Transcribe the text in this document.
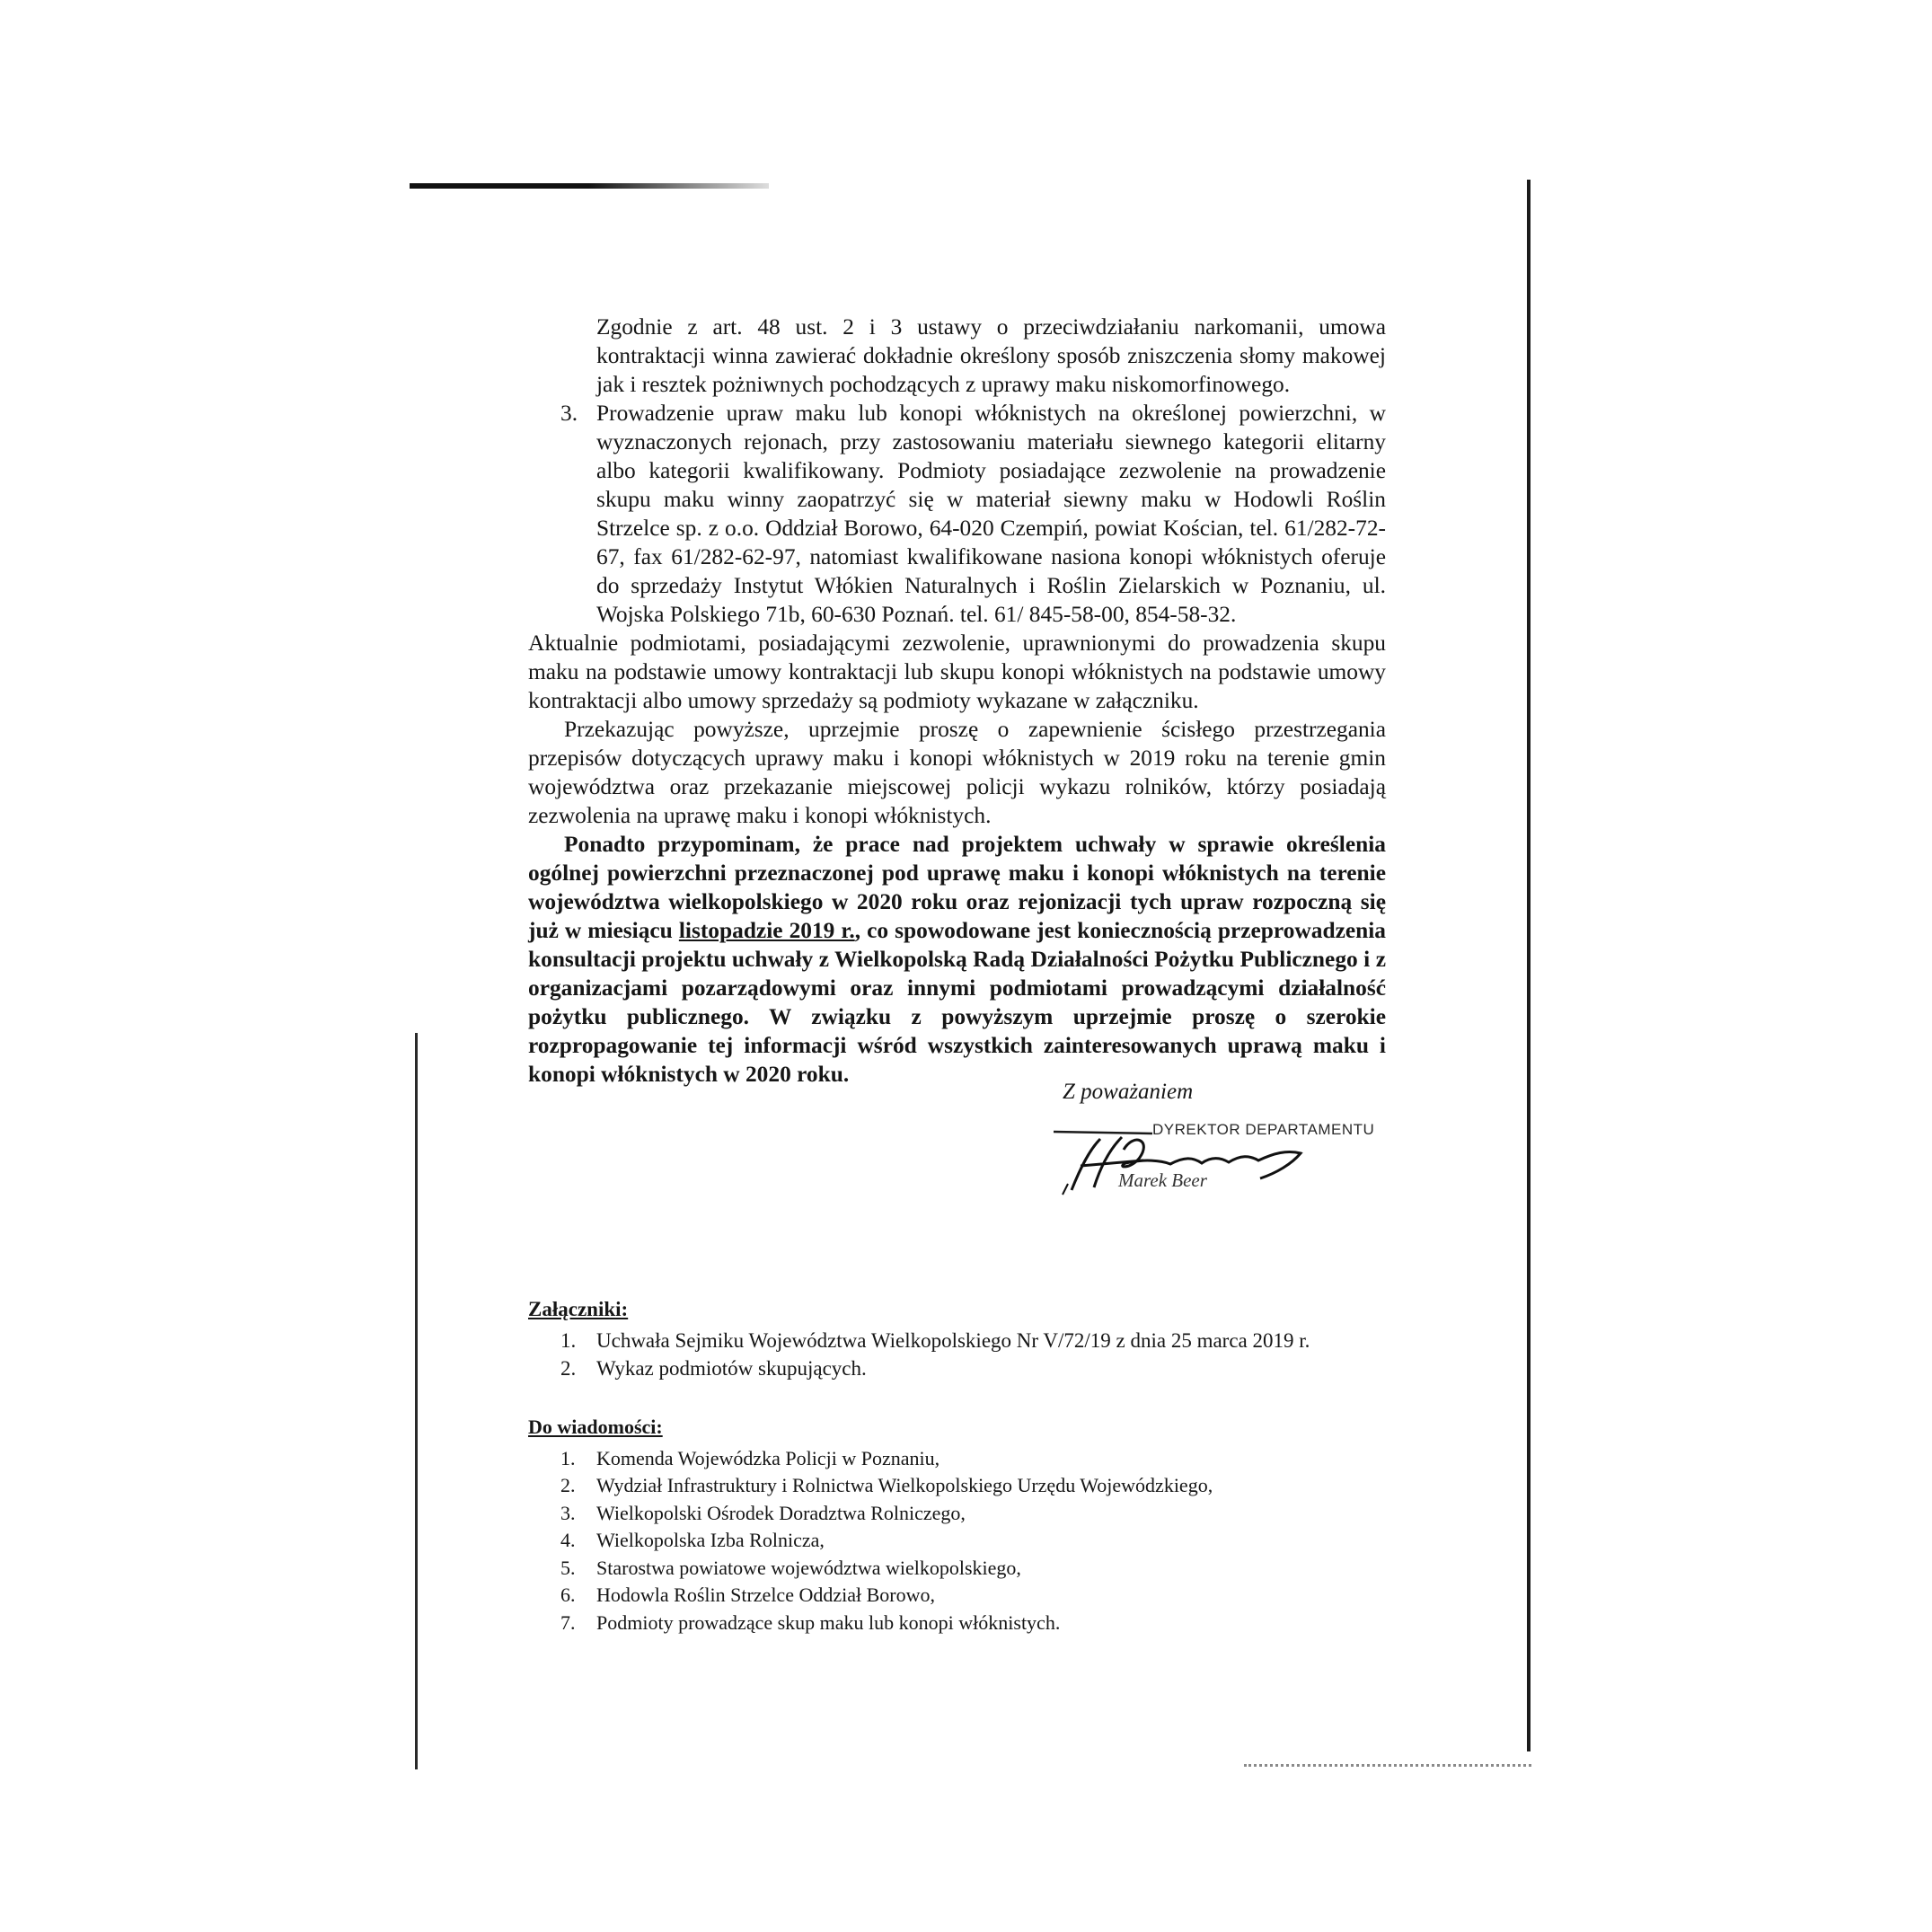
Zgodnie z art. 48 ust. 2 i 3 ustawy o przeciwdziałaniu narkomanii, umowa kontraktacji winna zawierać dokładnie określony sposób zniszczenia słomy makowej jak i resztek pożniwnych pochodzących z uprawy maku niskomorfinowego.

3. Prowadzenie upraw maku lub konopi włóknistych na określonej powierzchni, w wyznaczonych rejonach, przy zastosowaniu materiału siewnego kategorii elitarny albo kategorii kwalifikowany. Podmioty posiadające zezwolenie na prowadzenie skupu maku winny zaopatrzyć się w materiał siewny maku w Hodowli Roślin Strzelce sp. z o.o. Oddział Borowo, 64-020 Czempiń, powiat Kościan, tel. 61/282-72-67, fax 61/282-62-97, natomiast kwalifikowane nasiona konopi włóknistych oferuje do sprzedaży Instytut Włókien Naturalnych i Roślin Zielarskich w Poznaniu, ul. Wojska Polskiego 71b, 60-630 Poznań. tel. 61/ 845-58-00, 854-58-32.

Aktualnie podmiotami, posiadającymi zezwolenie, uprawnionymi do prowadzenia skupu maku na podstawie umowy kontraktacji lub skupu konopi włóknistych na podstawie umowy kontraktacji albo umowy sprzedaży są podmioty wykazane w załączniku.

Przekazując powyższe, uprzejmie proszę o zapewnienie ścisłego przestrzegania przepisów dotyczących uprawy maku i konopi włóknistych w 2019 roku na terenie gmin województwa oraz przekazanie miejscowej policji wykazu rolników, którzy posiadają zezwolenia na uprawę maku i konopi włóknistych.

Ponadto przypominam, że prace nad projektem uchwały w sprawie określenia ogólnej powierzchni przeznaczonej pod uprawę maku i konopi włóknistych na terenie województwa wielkopolskiego w 2020 roku oraz rejonizacji tych upraw rozpoczną się już w miesiącu listopadzie 2019 r., co spowodowane jest koniecznością przeprowadzenia konsultacji projektu uchwały z Wielkopolską Radą Działalności Pożytku Publicznego i z organizacjami pozarządowymi oraz innymi podmiotami prowadzącymi działalność pożytku publicznego. W związku z powyższym uprzejmie proszę o szerokie rozpropagowanie tej informacji wśród wszystkich zainteresowanych uprawą maku i konopi włóknistych w 2020 roku.

Z poważaniem
DYREKTOR DEPARTAMENTU
Marek Beer
Załączniki:
1. Uchwała Sejmiku Województwa Wielkopolskiego Nr V/72/19 z dnia 25 marca 2019 r.
2. Wykaz podmiotów skupujących.
Do wiadomości:
1. Komenda Wojewódzka Policji w Poznaniu,
2. Wydział Infrastruktury i Rolnictwa Wielkopolskiego Urzędu Wojewódzkiego,
3. Wielkopolski Ośrodek Doradztwa Rolniczego,
4. Wielkopolska Izba Rolnicza,
5. Starostwa powiatowe województwa wielkopolskiego,
6. Hodowla Roślin Strzelce Oddział Borowo,
7. Podmioty prowadzące skup maku lub konopi włóknistych.
